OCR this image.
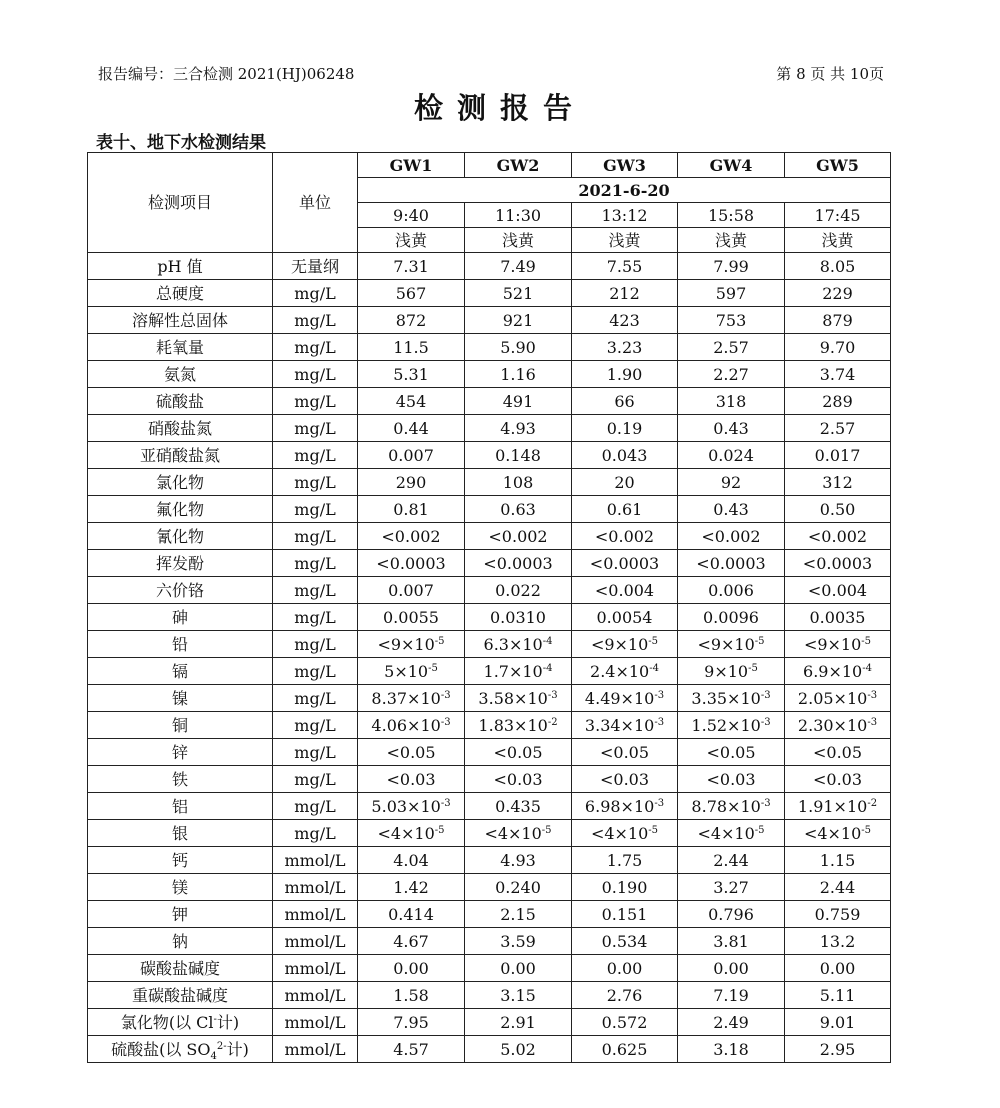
报告编号：三合检测 2021(HJ)06248	第 8 页 共 10页
检测报告
表十、地下水检测结果
检测项目	单位	GW1	GW2	GW3	GW4	GW5
		2021-6-20				
		9:40	11:30	13:12	15:58	17:45
		浅黄	浅黄	浅黄	浅黄	浅黄
pH 值	无量纲	7.31	7.49	7.55	7.99	8.05
总硬度	mg/L	567	521	212	597	229
溶解性总固体	mg/L	872	921	423	753	879
耗氧量	mg/L	11.5	5.90	3.23	2.57	9.70
氨氮	mg/L	5.31	1.16	1.90	2.27	3.74
硫酸盐	mg/L	454	491	66	318	289
硝酸盐氮	mg/L	0.44	4.93	0.19	0.43	2.57
亚硝酸盐氮	mg/L	0.007	0.148	0.043	0.024	0.017
氯化物	mg/L	290	108	20	92	312
氟化物	mg/L	0.81	0.63	0.61	0.43	0.50
氰化物	mg/L	<0.002	<0.002	<0.002	<0.002	<0.002
挥发酚	mg/L	<0.0003	<0.0003	<0.0003	<0.0003	<0.0003
六价铬	mg/L	0.007	0.022	<0.004	0.006	<0.004
砷	mg/L	0.0055	0.0310	0.0054	0.0096	0.0035
铅	mg/L	$<9\times 10^{-5}$	$6.3\times 10^{-4}$	$<9\times 10^{-5}$	$<9\times 10^{-5}$	$<9\times 10^{-5}$
镉	mg/L	$5\times 10^{-5}$	$1.7\times 10^{-4}$	$2.4\times 10^{-4}$	$9\times 10^{-5}$	$6.9\times 10^{-4}$
镍	mg/L	$8.37\times 10^{-3}$	$3.58\times 10^{-3}$	$4.49\times 10^{-3}$	$3.35\times 10^{-3}$	$2.05\times 10^{-3}$
铜	mg/L	$4.06\times 10^{-3}$	$1.83\times 10^{-2}$	$3.34\times 10^{-3}$	$1.52\times 10^{-3}$	$2.30\times 10^{-3}$
锌	mg/L	<0.05	<0.05	<0.05	<0.05	<0.05
铁	mg/L	<0.03	<0.03	<0.03	<0.03	<0.03
铝	mg/L	$5.03\times 10^{-3}$	0.435	$6.98\times 10^{-3}$	$8.78\times 10^{-3}$	$1.91\times 10^{-2}$
银	mg/L	$<4\times 10^{-5}$	$<4\times 10^{-5}$	$<4\times 10^{-5}$	$<4\times 10^{-5}$	$<4\times 10^{-5}$
钙	mmol/L	4.04	4.93	1.75	2.44	1.15
镁	mmol/L	1.42	0.240	0.190	3.27	2.44
钾	mmol/L	0.414	2.15	0.151	0.796	0.759
钠	mmol/L	4.67	3.59	0.534	3.81	13.2
碳酸盐碱度	mmol/L	0.00	0.00	0.00	0.00	0.00
重碳酸盐碱度	mmol/L	1.58	3.15	2.76	7.19	5.11
氯化物(以 Cl-计)	mmol/L	7.95	2.91	0.572	2.49	9.01
硫酸盐(以 $SO_4^{2-}$计)	mmol/L	4.57	5.02	0.625	3.18	2.95
